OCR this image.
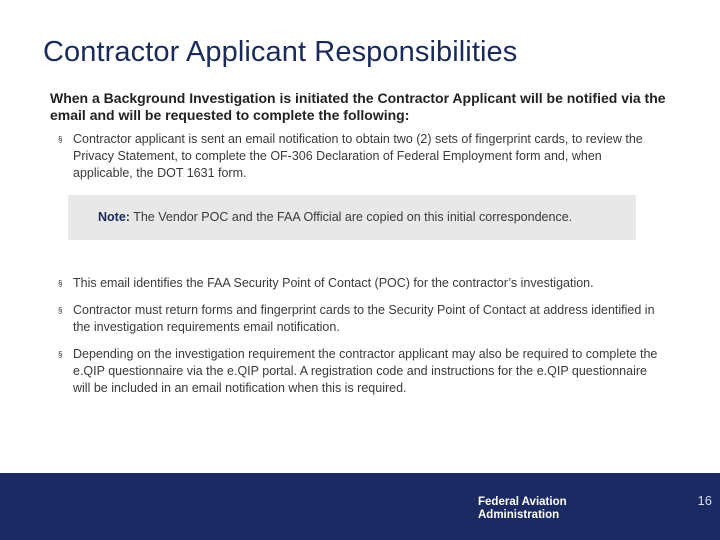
Contractor Applicant Responsibilities

When a Background Investigation is initiated the Contractor Applicant will be notified via the email and will be requested to complete the following:

§ Contractor applicant is sent an email notification to obtain two (2) sets of fingerprint cards, to review the Privacy Statement, to complete the OF-306 Declaration of Federal Employment form and, when applicable, the DOT 1631 form.
Note: The Vendor POC and the FAA Official are copied on this initial correspondence.
§ This email identifies the FAA Security Point of Contact (POC) for the contractor’s investigation.
§ Contractor must return forms and fingerprint cards to the Security Point of Contact at address identified in the investigation requirements email notification.
§ Depending on the investigation requirement the contractor applicant may also be required to complete the e.QIP questionnaire via the e.QIP portal. A registration code and instructions for the e.QIP questionnaire will be included in an email notification when this is required.
Federal Aviation
Administration
16
